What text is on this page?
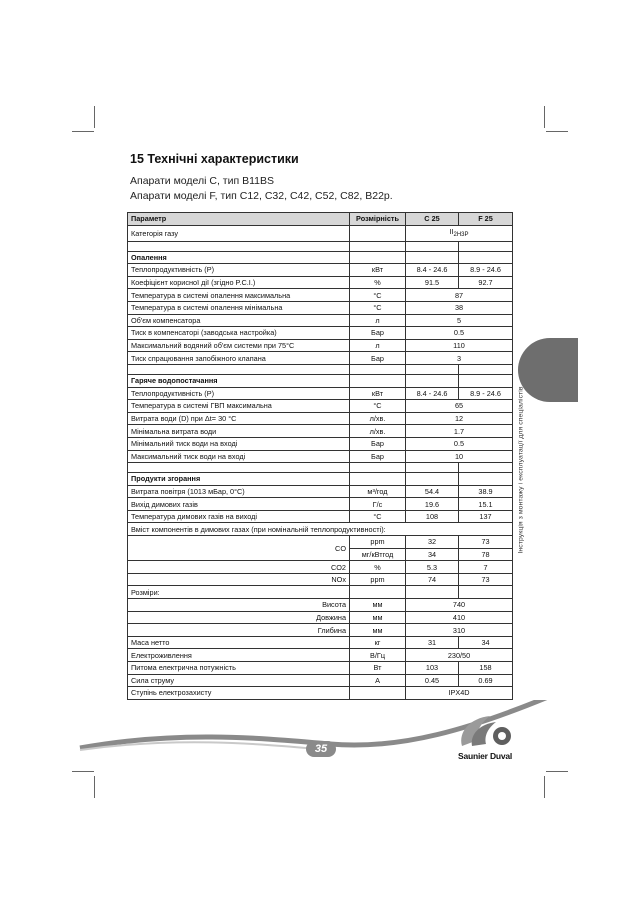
15 Технічні характеристики
Апарати моделі C, тип B11BS
Апарати моделі F, тип C12, C32, C42, C52, C82, B22р.
Параметр	Розмірність	C 25	F 25
Категорія газу		$II_{2H3P}$

Опалення			
Теплопродуктивність (Р)	кВт	8.4 - 24.6	8.9 - 24.6
Коефіцієнт корисної дії (згідно P.C.I.)	%	91.5	92.7
Температура в системі опалення максимальна	°C	87	
Температура в системі опалення мінімальна	°C	38	
Об'єм компенсатора	л	5	
Тиск в компенсаторі (заводська настройка)	Бар	0.5	
Максимальний водяний об'єм системи при 75°C	л	110	
Тиск спрацювання запобіжного клапана	Бар	3	

Гаряче водопостачання			
Теплопродуктивність (Р)	кВт	8.4 - 24.6	8.9 - 24.6
Температура в системі ГВП максимальна	°C	65	
Витрата води (D) при Δt= 30 °C	л/хв.	12	
Мінімальна витрата води	л/хв.	1.7	
Мінімальний тиск води на вході	Бар	0.5	
Максимальний тиск води на вході	Бар	10	

Продукти згорання			
Витрата повітря (1013 мБар, 0°C)	м³/год	54.4	38.9
Вихід димових газів	Г/с	19.6	15.1
Температура димових газів на виході	°C	108	137
Вміст компонентів в димових газах (при номінальній теплопродуктивності):			
CO	ppm	32	73
	мг/кВтгод	34	78
CO2	%	5.3	7
NOx	ppm	74	73
Розміри:			
Висота	мм	740	
Довжина	мм	410	
Глибина	мм	310	
Маса нетто	кг	31	34
Електроживлення	В/Гц	230/50	
Питома електрична потужність	Вт	103	158
Сила струму	А	0.45	0.69
Ступінь електрозахисту		IPX4D	
Інструкція з монтажу і експлуатації для спеціалістів
35
Saunier Duval
